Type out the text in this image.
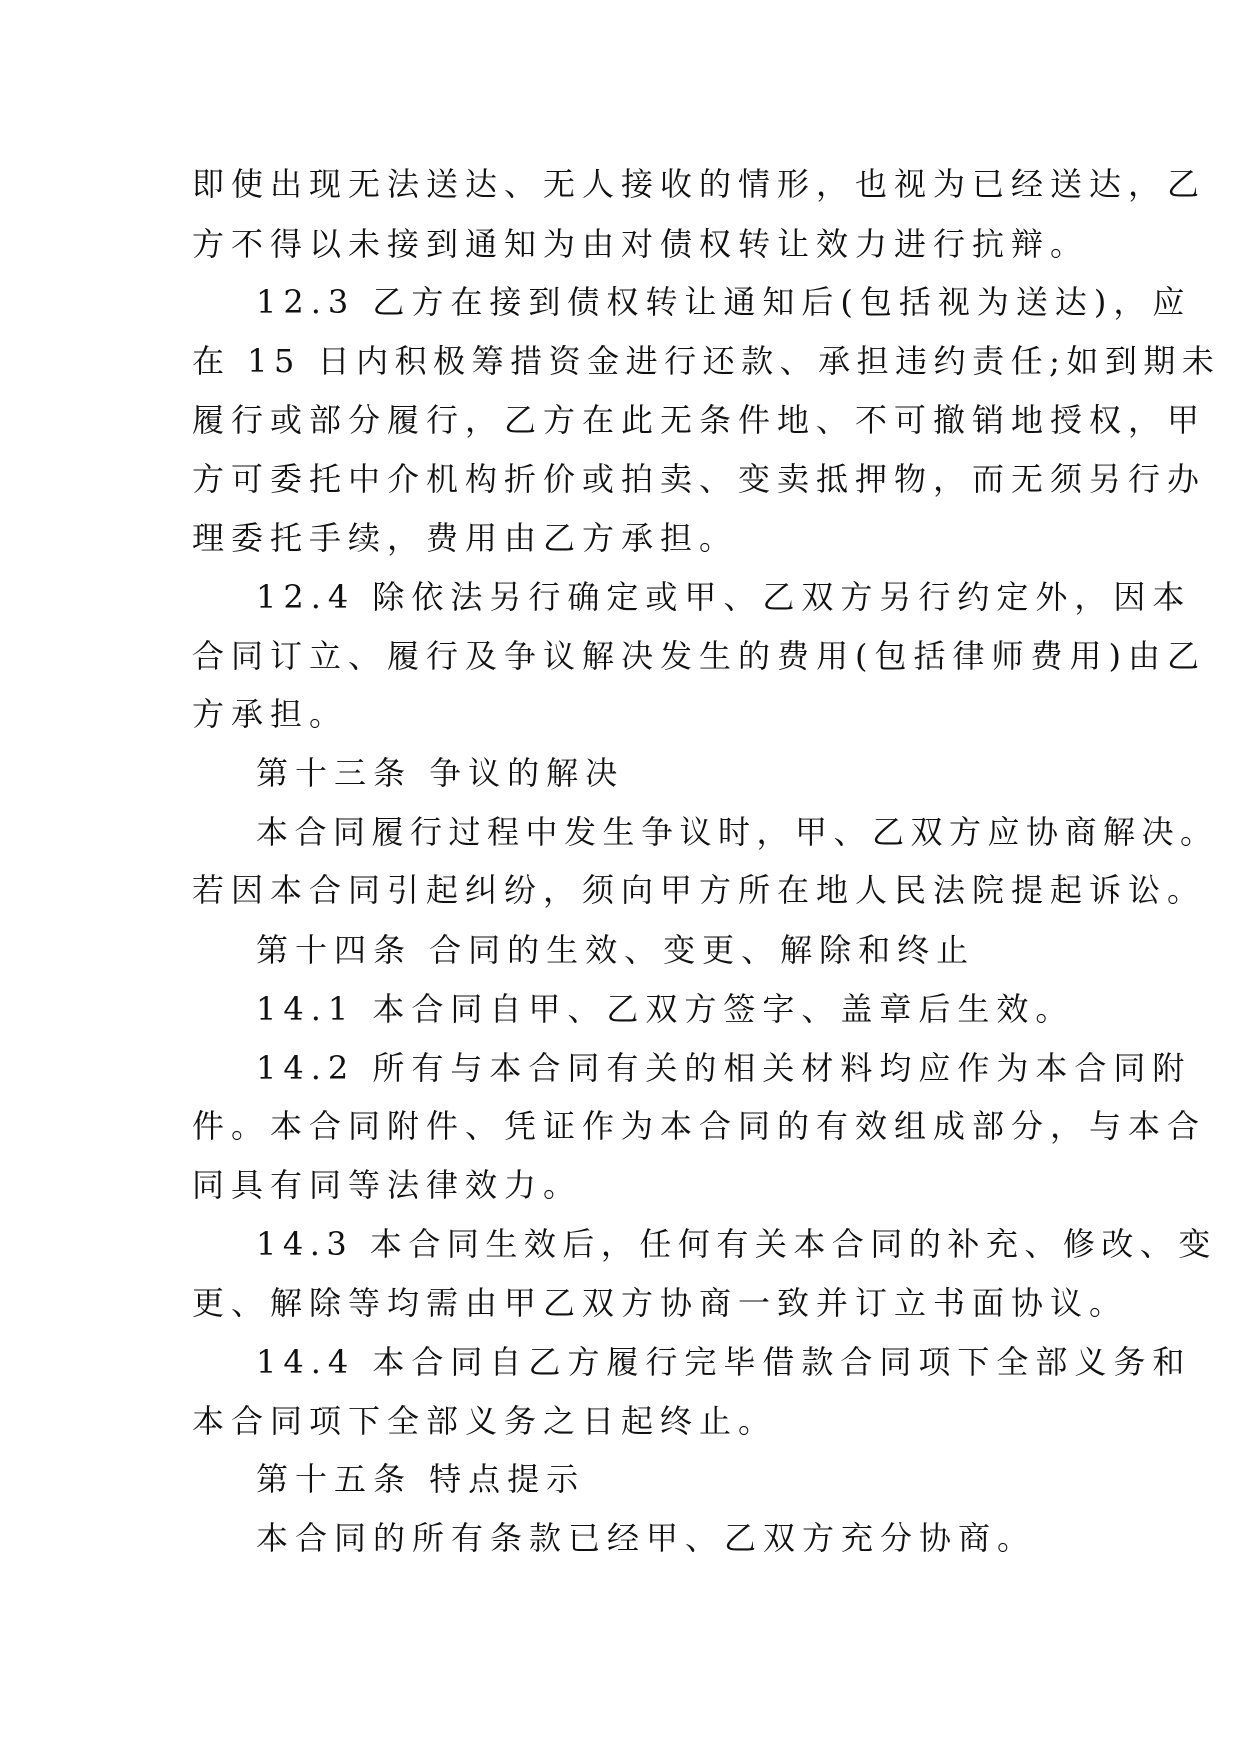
即使出现无法送达、无人接收的情形，也视为已经送达，乙
方不得以未接到通知为由对债权转让效力进行抗辩。
12.3 乙方在接到债权转让通知后(包括视为送达)，应
在 15 日内积极筹措资金进行还款、承担违约责任;如到期未
履行或部分履行，乙方在此无条件地、不可撤销地授权，甲
方可委托中介机构折价或拍卖、变卖抵押物，而无须另行办
理委托手续，费用由乙方承担。
12.4 除依法另行确定或甲、乙双方另行约定外，因本
合同订立、履行及争议解决发生的费用(包括律师费用)由乙
方承担。
第十三条 争议的解决
本合同履行过程中发生争议时，甲、乙双方应协商解决。
若因本合同引起纠纷，须向甲方所在地人民法院提起诉讼。
第十四条 合同的生效、变更、解除和终止
14.1 本合同自甲、乙双方签字、盖章后生效。
14.2 所有与本合同有关的相关材料均应作为本合同附
件。本合同附件、凭证作为本合同的有效组成部分，与本合
同具有同等法律效力。
14.3 本合同生效后，任何有关本合同的补充、修改、变
更、解除等均需由甲乙双方协商一致并订立书面协议。
14.4 本合同自乙方履行完毕借款合同项下全部义务和
本合同项下全部义务之日起终止。
第十五条 特点提示
本合同的所有条款已经甲、乙双方充分协商。
